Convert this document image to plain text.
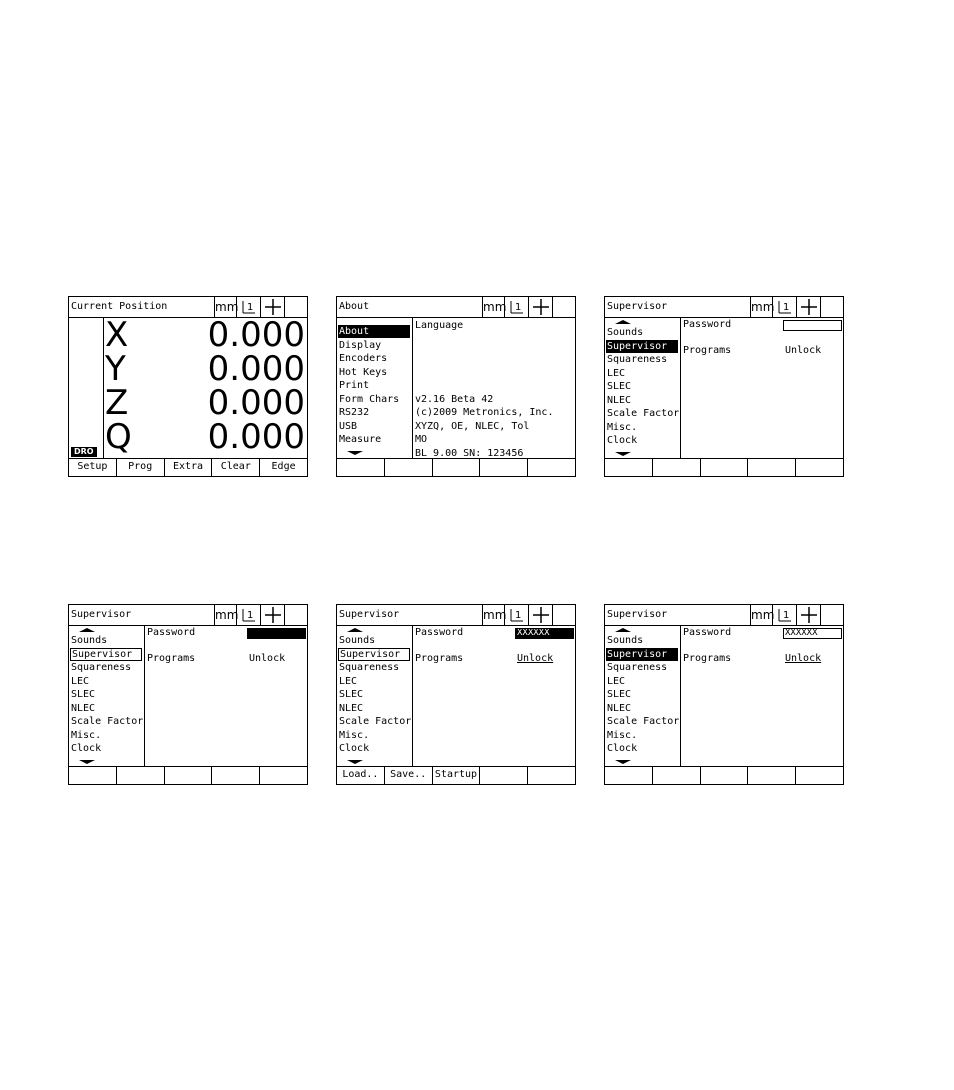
Current Position	mm 1
DRO
X 0.000
Y 0.000
Z 0.000
Q 0.000
Setup	Prog	Extra	Clear	Edge
About	mm 1
About
Display
Encoders
Hot Keys
Print
Form Chars
RS232
USB
Measure
Language
v2.16 Beta 42
(c)2009 Metronics, Inc.
XYZQ, OE, NLEC, Tol
MO
BL 9.00 SN: 123456
Supervisor	mm 1
Sounds
Supervisor
Squareness
LEC
SLEC
NLEC
Scale Factor
Misc.
Clock
Password
Programs	Unlock
Supervisor	mm 1
Sounds
Supervisor
Squareness
LEC
SLEC
NLEC
Scale Factor
Misc.
Clock
Password
Programs	Unlock
Supervisor	mm 1
Sounds
Supervisor
Squareness
LEC
SLEC
NLEC
Scale Factor
Misc.
Clock
Password	XXXXXX
Programs	Unlock
Load..	Save.. Startup
Supervisor	mm 1
Sounds
Supervisor
Squareness
LEC
SLEC
NLEC
Scale Factor
Misc.
Clock
Password	XXXXXX
Programs	Unlock
